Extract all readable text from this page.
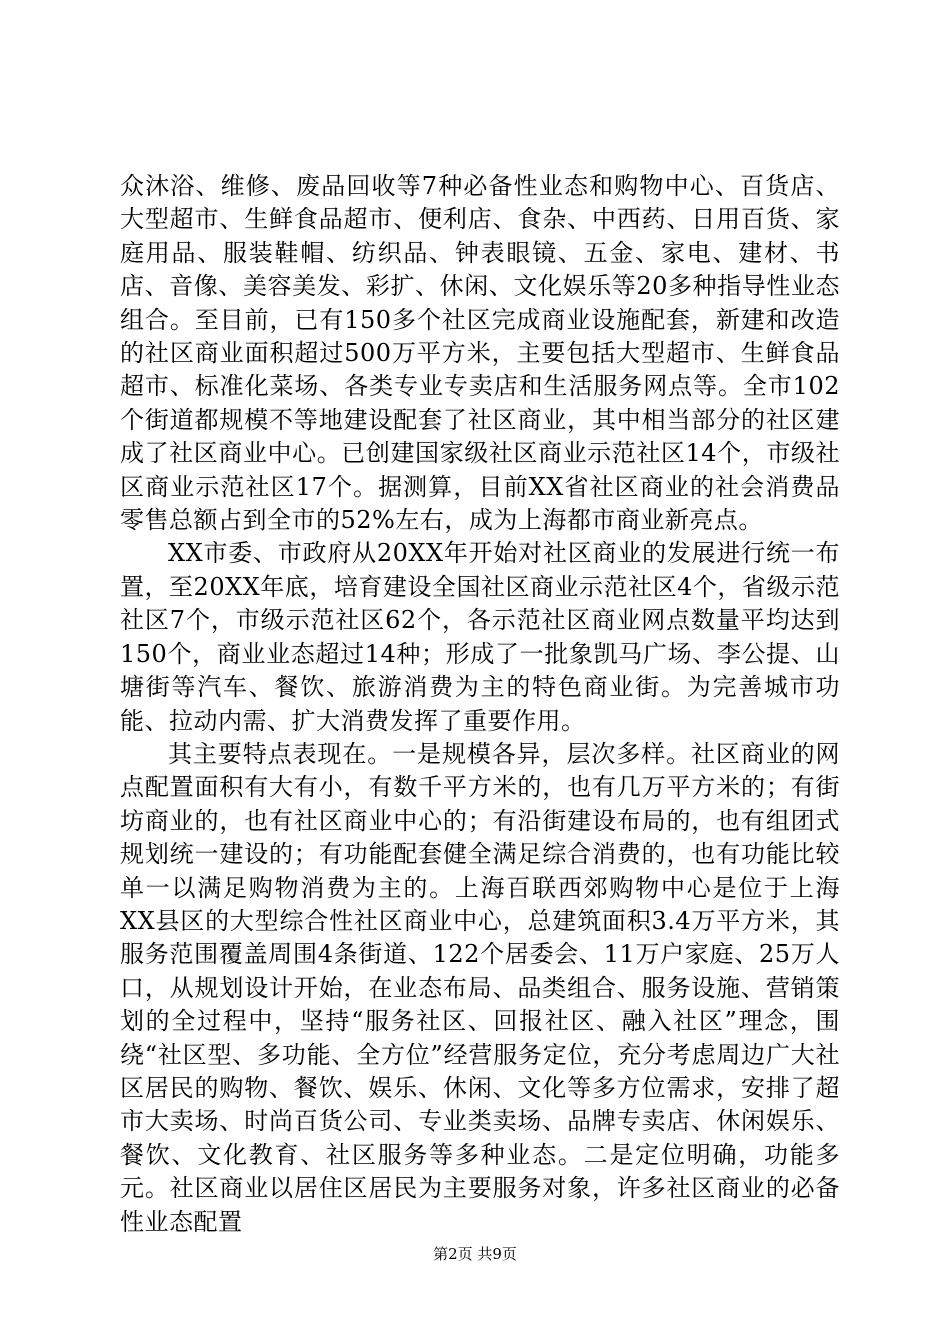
众沐浴、维修、废品回收等7种必备性业态和购物中心、百货店、大型超市、生鲜食品超市、便利店、食杂、中西药、日用百货、家庭用品、服装鞋帽、纺织品、钟表眼镜、五金、家电、建材、书店、音像、美容美发、彩扩、休闲、文化娱乐等20多种指导性业态组合。至目前，已有150多个社区完成商业设施配套，新建和改造的社区商业面积超过500万平方米，主要包括大型超市、生鲜食品超市、标准化菜场、各类专业专卖店和生活服务网点等。全市102个街道都规模不等地建设配套了社区商业，其中相当部分的社区建成了社区商业中心。已创建国家级社区商业示范社区14个，市级社区商业示范社区17个。据测算，目前XX省社区商业的社会消费品零售总额占到全市的52%左右，成为上海都市商业新亮点。

XX市委、市政府从20XX年开始对社区商业的发展进行统一布置，至20XX年底，培育建设全国社区商业示范社区4个，省级示范社区7个，市级示范社区62个，各示范社区商业网点数量平均达到150个，商业业态超过14种；形成了一批象凯马广场、李公提、山塘街等汽车、餐饮、旅游消费为主的特色商业街。为完善城市功能、拉动内需、扩大消费发挥了重要作用。

其主要特点表现在。一是规模各异，层次多样。社区商业的网点配置面积有大有小，有数千平方米的，也有几万平方米的；有街坊商业的，也有社区商业中心的；有沿街建设布局的，也有组团式规划统一建设的；有功能配套健全满足综合消费的，也有功能比较单一以满足购物消费为主的。上海百联西郊购物中心是位于上海XX县区的大型综合性社区商业中心，总建筑面积3.4万平方米，其服务范围覆盖周围4条街道、122个居委会、11万户家庭、25万人口，从规划设计开始，在业态布局、品类组合、服务设施、营销策划的全过程中，坚持“服务社区、回报社区、融入社区”理念，围绕“社区型、多功能、全方位”经营服务定位，充分考虑周边广大社区居民的购物、餐饮、娱乐、休闲、文化等多方位需求，安排了超市大卖场、时尚百货公司、专业类卖场、品牌专卖店、休闲娱乐、餐饮、文化教育、社区服务等多种业态。二是定位明确，功能多元。社区商业以居住区居民为主要服务对象，许多社区商业的必备性业态配置

第2页 共9页
